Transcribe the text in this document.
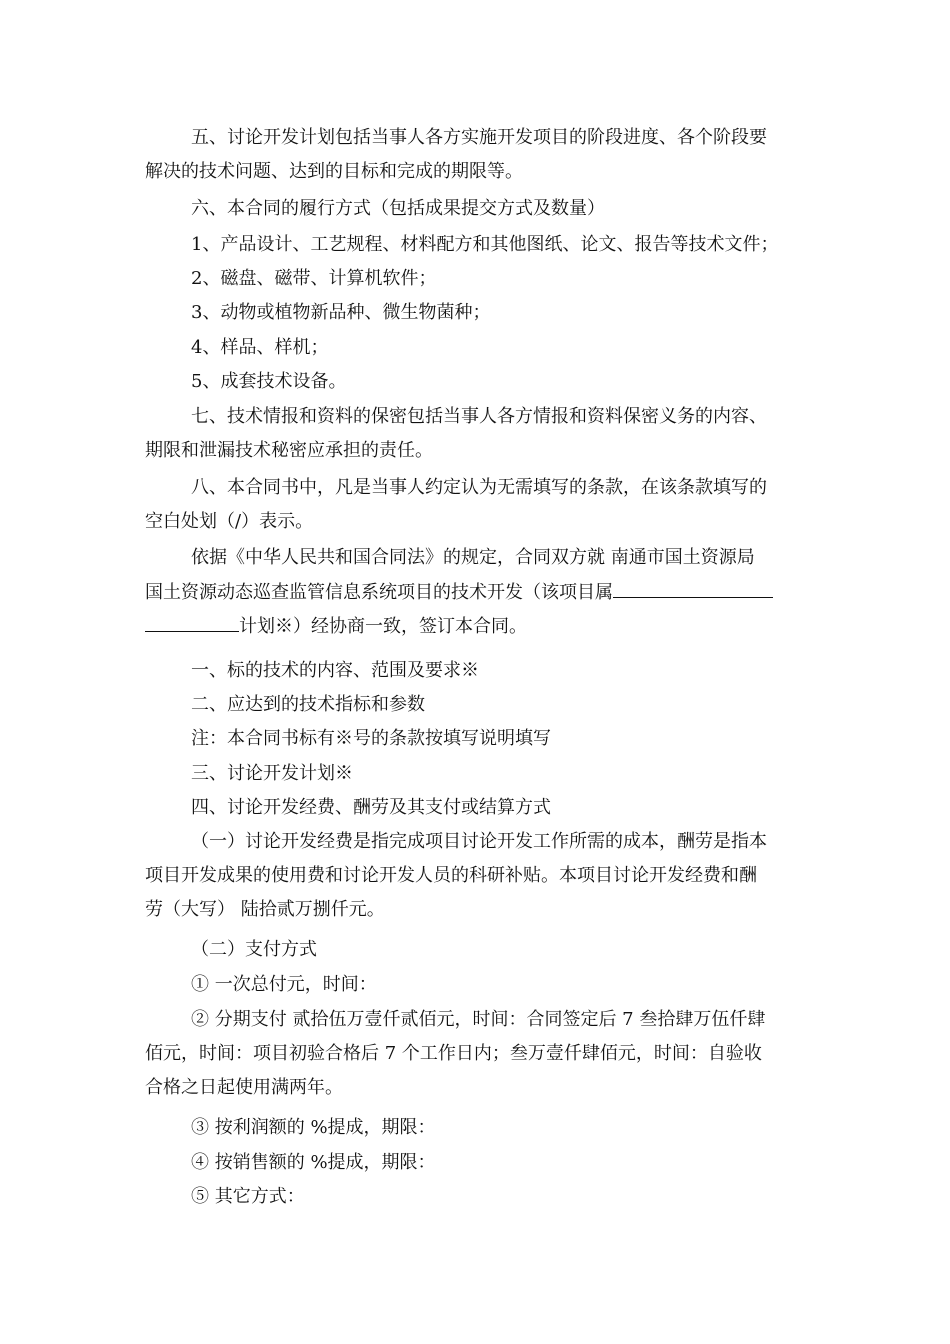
五、讨论开发计划包括当事人各方实施开发项目的阶段进度、各个阶段要
解决的技术问题、达到的目标和完成的期限等。

六、本合同的履行方式（包括成果提交方式及数量）

1、产品设计、工艺规程、材料配方和其他图纸、论文、报告等技术文件；

2、磁盘、磁带、计算机软件；

3、动物或植物新品种、微生物菌种；

4、样品、样机；

5、成套技术设备。

七、技术情报和资料的保密包括当事人各方情报和资料保密义务的内容、
期限和泄漏技术秘密应承担的责任。

八、本合同书中，凡是当事人约定认为无需填写的条款，在该条款填写的
空白处划（/）表示。

依据《中华人民共和国合同法》的规定，合同双方就 南通市国土资源局
国土资源动态巡查监管信息系统项目的技术开发（该项目属
计划※）经协商一致，签订本合同。

一、标的技术的内容、范围及要求※

二、应达到的技术指标和参数

注：本合同书标有※号的条款按填写说明填写

三、讨论开发计划※

四、讨论开发经费、酬劳及其支付或结算方式

（一）讨论开发经费是指完成项目讨论开发工作所需的成本，酬劳是指本
项目开发成果的使用费和讨论开发人员的科研补贴。本项目讨论开发经费和酬
劳（大写） 陆拾贰万捌仟元。

（二）支付方式

① 一次总付元，时间：

② 分期支付 贰拾伍万壹仟贰佰元，时间：合同签定后 7 叁拾肆万伍仟肆
佰元，时间：项目初验合格后 7 个工作日内；叁万壹仟肆佰元，时间：自验收
合格之日起使用满两年。

③ 按利润额的 %提成，期限：

④ 按销售额的 %提成，期限：

⑤ 其它方式：
